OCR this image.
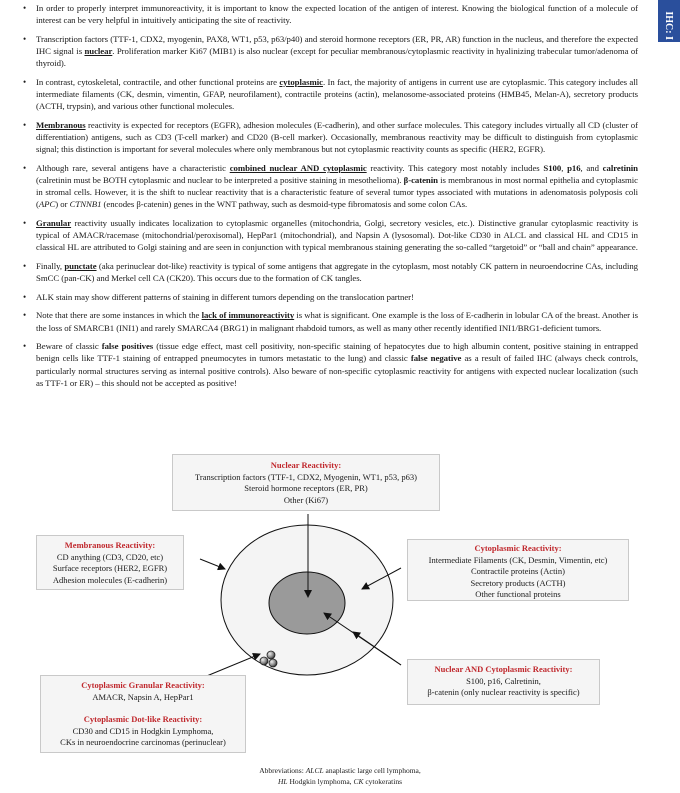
IHC: I
• In order to properly interpret immunoreactivity, it is important to know the expected location of the antigen of interest. Knowing the biological function of a molecule of interest can be very helpful in intuitively anticipating the site of reactivity.
• Transcription factors (TTF-1, CDX2, myogenin, PAX8, WT1, p53, p63/p40) and steroid hormone receptors (ER, PR, AR) function in the nucleus, and therefore the expected IHC signal is nuclear. Proliferation marker Ki67 (MIB1) is also nuclear (except for peculiar membranous/cytoplasmic reactivity in hyalinizing trabecular tumor/adenoma of thyroid).
• In contrast, cytoskeletal, contractile, and other functional proteins are cytoplasmic. In fact, the majority of antigens in current use are cytoplasmic. This category includes all intermediate filaments (CK, desmin, vimentin, GFAP, neurofilament), contractile proteins (actin), melanosome-associated proteins (HMB45, Melan-A), secretory products (ACTH, trypsin), and various other functional molecules.
• Membranous reactivity is expected for receptors (EGFR), adhesion molecules (E-cadherin), and other surface molecules. This category includes virtually all CD (cluster of differentiation) antigens, such as CD3 (T-cell marker) and CD20 (B-cell marker). Occasionally, membranous reactivity may be difficult to distinguish from cytoplasmic signal; this distinction is important for several molecules where only membranous but not cytoplasmic reactivity counts as specific (HER2, EGFR).
• Although rare, several antigens have a characteristic combined nuclear AND cytoplasmic reactivity. This category most notably includes S100, p16, and calretinin (calretinin must be BOTH cytoplasmic and nuclear to be interpreted a positive staining in mesothelioma). β-catenin is membranous in most normal epithelia and cytoplasmic in stromal cells. However, it is the shift to nuclear reactivity that is a characteristic feature of several tumor types associated with mutations in adenomatosis polyposis coli (APC) or CTNNB1 (encodes β-catenin) genes in the WNT pathway, such as desmoid-type fibromatosis and some colon CAs.
• Granular reactivity usually indicates localization to cytoplasmic organelles (mitochondria, Golgi, secretory vesicles, etc.). Distinctive granular cytoplasmic reactivity is typical of AMACR/racemase (mitochondrial/peroxisomal), HepPar1 (mitochondrial), and Napsin A (lysosomal). Dot-like CD30 in ALCL and classical HL and CD15 in classical HL are attributed to Golgi staining and are seen in conjunction with typical membranous staining generating the so-called “targetoid” or “ball and chain” appearance.
• Finally, punctate (aka perinuclear dot-like) reactivity is typical of some antigens that aggregate in the cytoplasm, most notably CK pattern in neuroendocrine CAs, including SmCC (pan-CK) and Merkel cell CA (CK20). This occurs due to the formation of CK tangles.
• ALK stain may show different patterns of staining in different tumors depending on the translocation partner!
• Note that there are some instances in which the lack of immunoreactivity is what is significant. One example is the loss of E-cadherin in lobular CA of the breast. Another is the loss of SMARCB1 (INI1) and rarely SMARCA4 (BRG1) in malignant rhabdoid tumors, as well as many other recently identified INI1/BRG1-deficient tumors.
• Beware of classic false positives (tissue edge effect, mast cell positivity, non-specific staining of hepatocytes due to high albumin content, positive staining in entrapped benign cells like TTF-1 staining of entrapped pneumocytes in tumors metastatic to the lung) and classic false negative as a result of failed IHC (always check controls, particularly normal structures serving as internal positive controls). Also beware of non-specific cytoplasmic reactivity for antigens with expected nuclear localization (such as TTF-1 or ER) – this should not be accepted as positive!
Nuclear Reactivity:
Transcription factors (TTF-1, CDX2, Myogenin, WT1, p53, p63)
Steroid hormone receptors (ER, PR)
Other (Ki67)
Membranous Reactivity:
CD anything (CD3, CD20, etc)
Surface receptors (HER2, EGFR)
Adhesion molecules (E-cadherin)
Cytoplasmic Reactivity:
Intermediate Filaments (CK, Desmin, Vimentin, etc)
Contractile proteins (Actin)
Secretory products (ACTH)
Other functional proteins
Nuclear AND Cytoplasmic Reactivity:
S100, p16, Calretinin,
β-catenin (only nuclear reactivity is specific)
Cytoplasmic Granular Reactivity:
AMACR, Napsin A, HepPar1
Cytoplasmic Dot-like Reactivity:
CD30 and CD15 in Hodgkin Lymphoma,
CKs in neuroendocrine carcinomas (perinuclear)
Abbreviations: ALCL anaplastic large cell lymphoma,
HL Hodgkin lymphoma, CK cytokeratins
